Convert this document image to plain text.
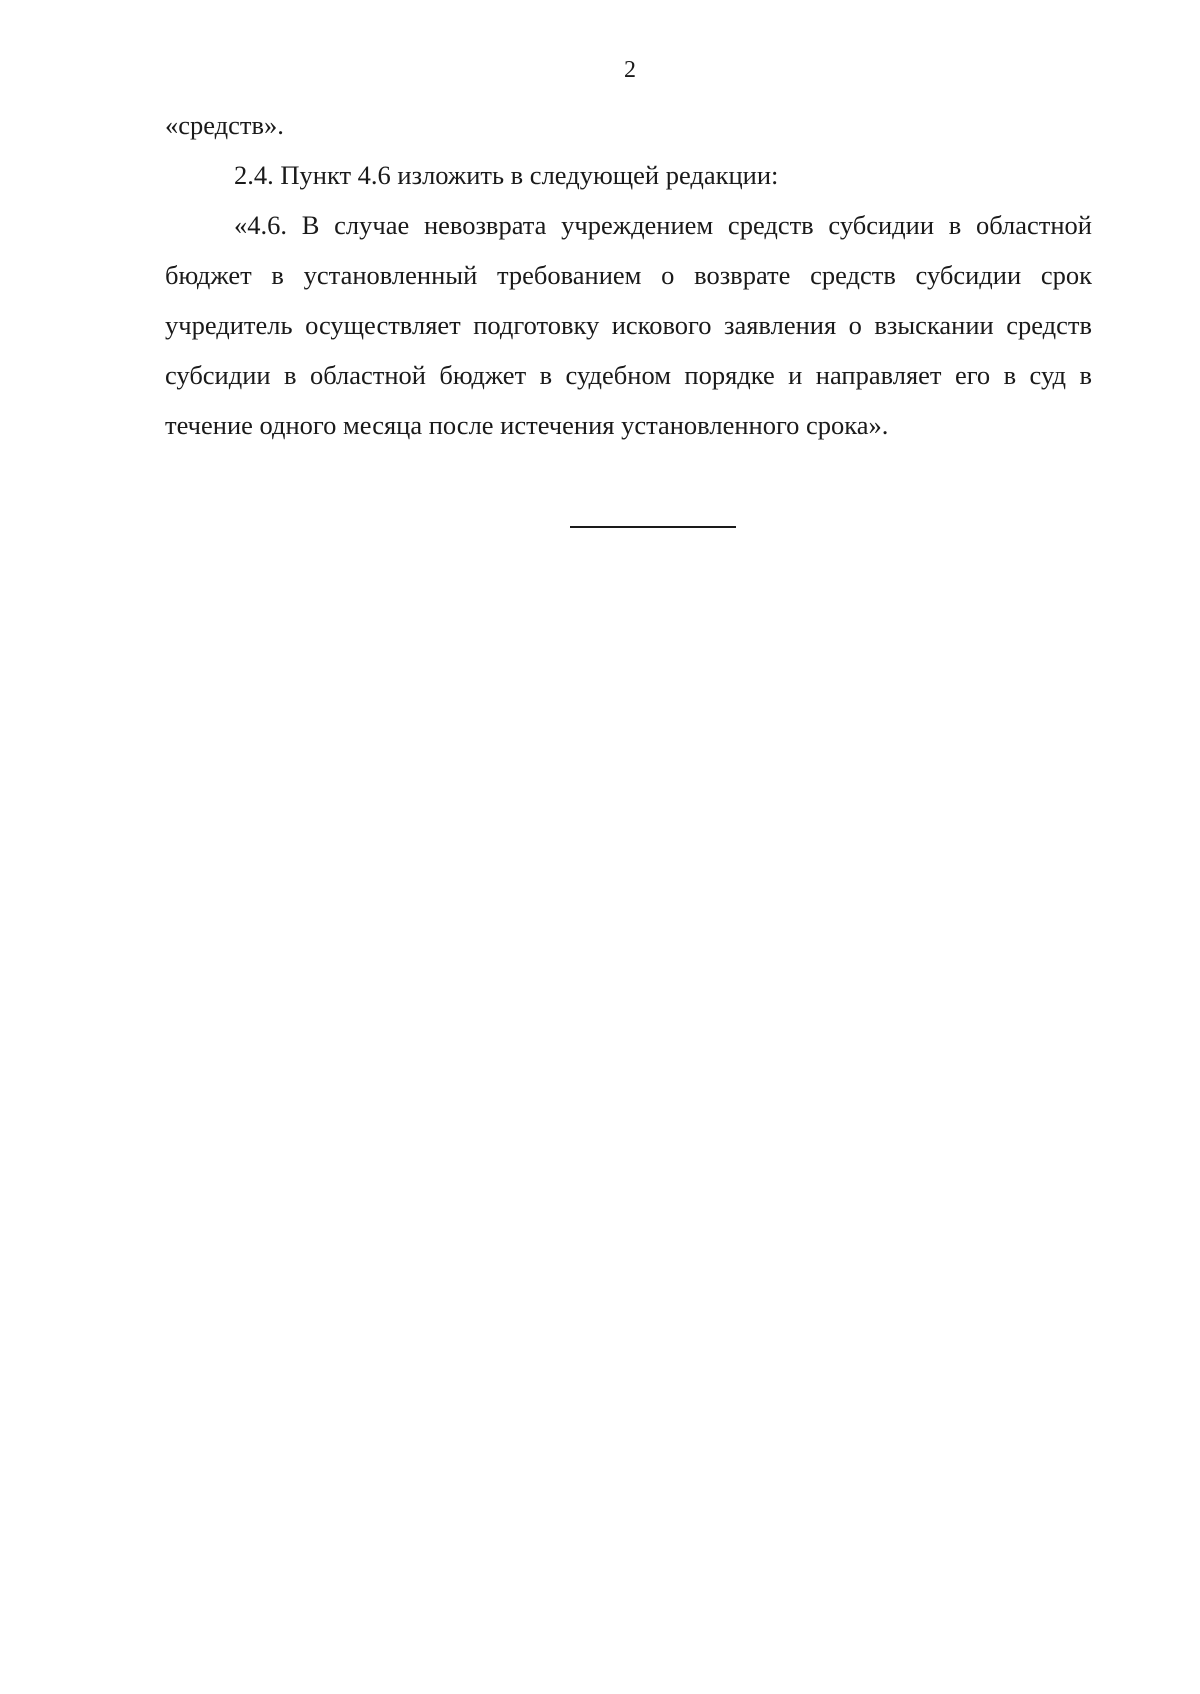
2

«средств».

2.4. Пункт 4.6 изложить в следующей редакции:

«4.6. В случае невозврата учреждением средств субсидии в областной

бюджет в установленный требованием о возврате средств субсидии срок

учредитель осуществляет подготовку искового заявления о взыскании средств

субсидии в областной бюджет в судебном порядке и направляет его в суд в

течение одного месяца после истечения установленного срока».
